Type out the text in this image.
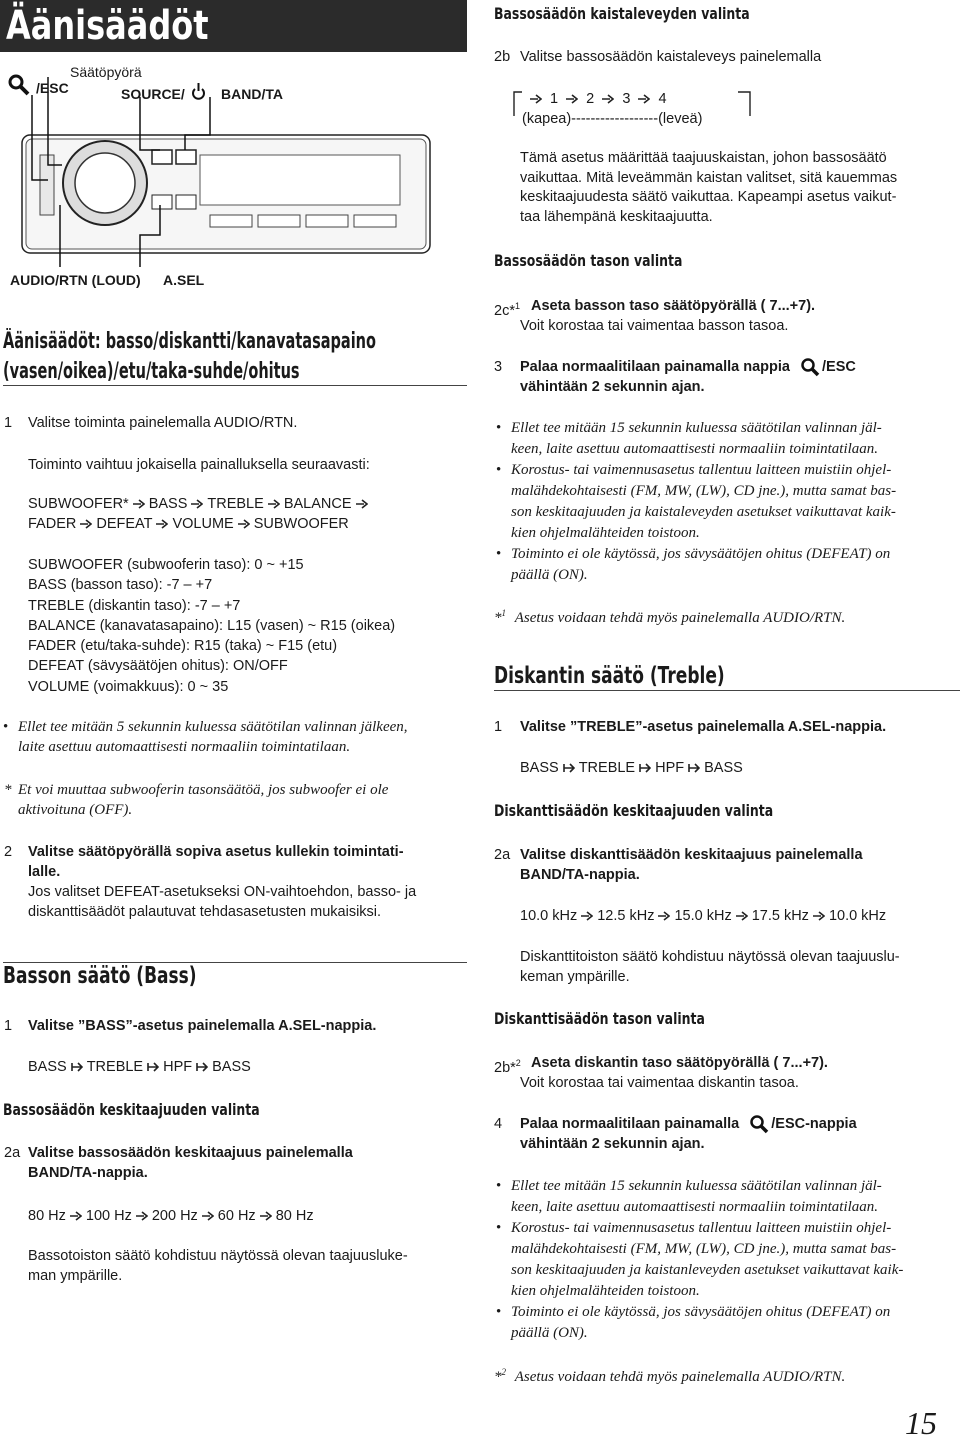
Äänisäädöt
Säätöpyörä
/ESC	SOURCE/	BAND/TA
AUDIO/RTN (LOUD) A.SEL
Äänisäädöt: basso/diskantti/kanavatasapaino
(vasen/oikea)/etu/taka-suhde/ohitus
1 Valitse toiminta painelemalla AUDIO/RTN.
Toiminto vaihtuu jokaisella painalluksella seuraavasti:
SUBWOOFER* BASS TREBLE BALANCE
FADER DEFEAT VOLUME SUBWOOFER
SUBWOOFER (subwooferin taso): 0 ~ +15
BASS (basson taso): -7 – +7
TREBLE (diskantin taso): -7 – +7
BALANCE (kanavatasapaino): L15 (vasen) ~ R15 (oikea)
FADER (etu/taka-suhde): R15 (taka) ~ F15 (etu)
DEFEAT (sävysäätöjen ohitus): ON/OFF
VOLUME (voimakkuus): 0 ~ 35
• Ellet tee mitään 5 sekunnin kuluessa säätötilan valinnan jälkeen,
laite asettuu automaattisesti normaaliin toimintatilaan.
* Et voi muuttaa subwooferin tasonsäätöä, jos subwoofer ei ole
aktivoituna (OFF).
2 Valitse säätöpyörällä sopiva asetus kullekin toimintati-
lalle.
Jos valitset DEFEAT-asetukseksi ON-vaihtoehdon, basso- ja
diskanttisäädöt palautuvat tehdasasetusten mukaisiksi.
Basson säätö (Bass)
1 Valitse ”BASS”-asetus painelemalla A.SEL-nappia.
BASS TREBLE HPF BASS
Bassosäädön keskitaajuuden valinta
2a Valitse bassosäädön keskitaajuus painelemalla
BAND/TA-nappia.
80 Hz 100 Hz 200 Hz 60 Hz 80 Hz
Bassotoiston säätö kohdistuu näytössä olevan taajuusluke-
man ympärille.
Bassosäädön kaistaleveyden valinta
2b Valitse bassosäädön kaistaleveys painelemalla
1 2 3 4
(kapea)------------------(leveä)
Tämä asetus määrittää taajuuskaistan, johon bassosäätö
vaikuttaa. Mitä leveämmän kaistan valitset, sitä kauemmas
keskitaajuudesta säätö vaikuttaa. Kapeampi asetus vaikut-
taa lähempänä keskitaajuutta.
Bassosäädön tason valinta
2c*$^1$ Aseta basson taso säätöpyörällä ( 7...+7).
Voit korostaa tai vaimentaa basson tasoa.
3 Palaa normaalitilaan painamalla nappia /ESC
vähintään 2 sekunnin ajan.
• Ellet tee mitään 15 sekunnin kuluessa säätötilan valinnan jäl-
keen, laite asettuu automaattisesti normaaliin toimintatilaan.
• Korostus- tai vaimennusasetus tallentuu laitteen muistiin ohjel-
malähdekohtaisesti (FM, MW, (LW), CD jne.), mutta samat bas-
son keskitaajuuden ja kaistaleveyden asetukset vaikuttavat kaik-
kien ohjelmalähteiden toistoon.
• Toiminto ei ole käytössä, jos sävysäätöjen ohitus (DEFEAT) on
päällä (ON).
*$^1$ Asetus voidaan tehdä myös painelemalla AUDIO/RTN.
Diskantin säätö (Treble)
1 Valitse ”TREBLE”-asetus painelemalla A.SEL-nappia.
BASS TREBLE HPF BASS
Diskanttisäädön keskitaajuuden valinta
2a Valitse diskanttisäädön keskitaajuus painelemalla
BAND/TA-nappia.
10.0 kHz 12.5 kHz 15.0 kHz 17.5 kHz 10.0 kHz
Diskanttitoiston säätö kohdistuu näytössä olevan taajuuslu-
keman ympärille.
Diskanttisäädön tason valinta
2b*$^2$ Aseta diskantin taso säätöpyörällä ( 7...+7).
Voit korostaa tai vaimentaa diskantin tasoa.
4 Palaa normaalitilaan painamalla /ESC-nappia
vähintään 2 sekunnin ajan.
• Ellet tee mitään 15 sekunnin kuluessa säätötilan valinnan jäl-
keen, laite asettuu automaattisesti normaaliin toimintatilaan.
• Korostus- tai vaimennusasetus tallentuu laitteen muistiin ohjel-
malähdekohtaisesti (FM, MW, (LW), CD jne.), mutta samat bas-
son keskitaajuuden ja kaistanleveyden asetukset vaikuttavat kaik-
kien ohjelmalähteiden toistoon.
• Toiminto ei ole käytössä, jos sävysäätöjen ohitus (DEFEAT) on
päällä (ON).
*$^2$ Asetus voidaan tehdä myös painelemalla AUDIO/RTN.
15
